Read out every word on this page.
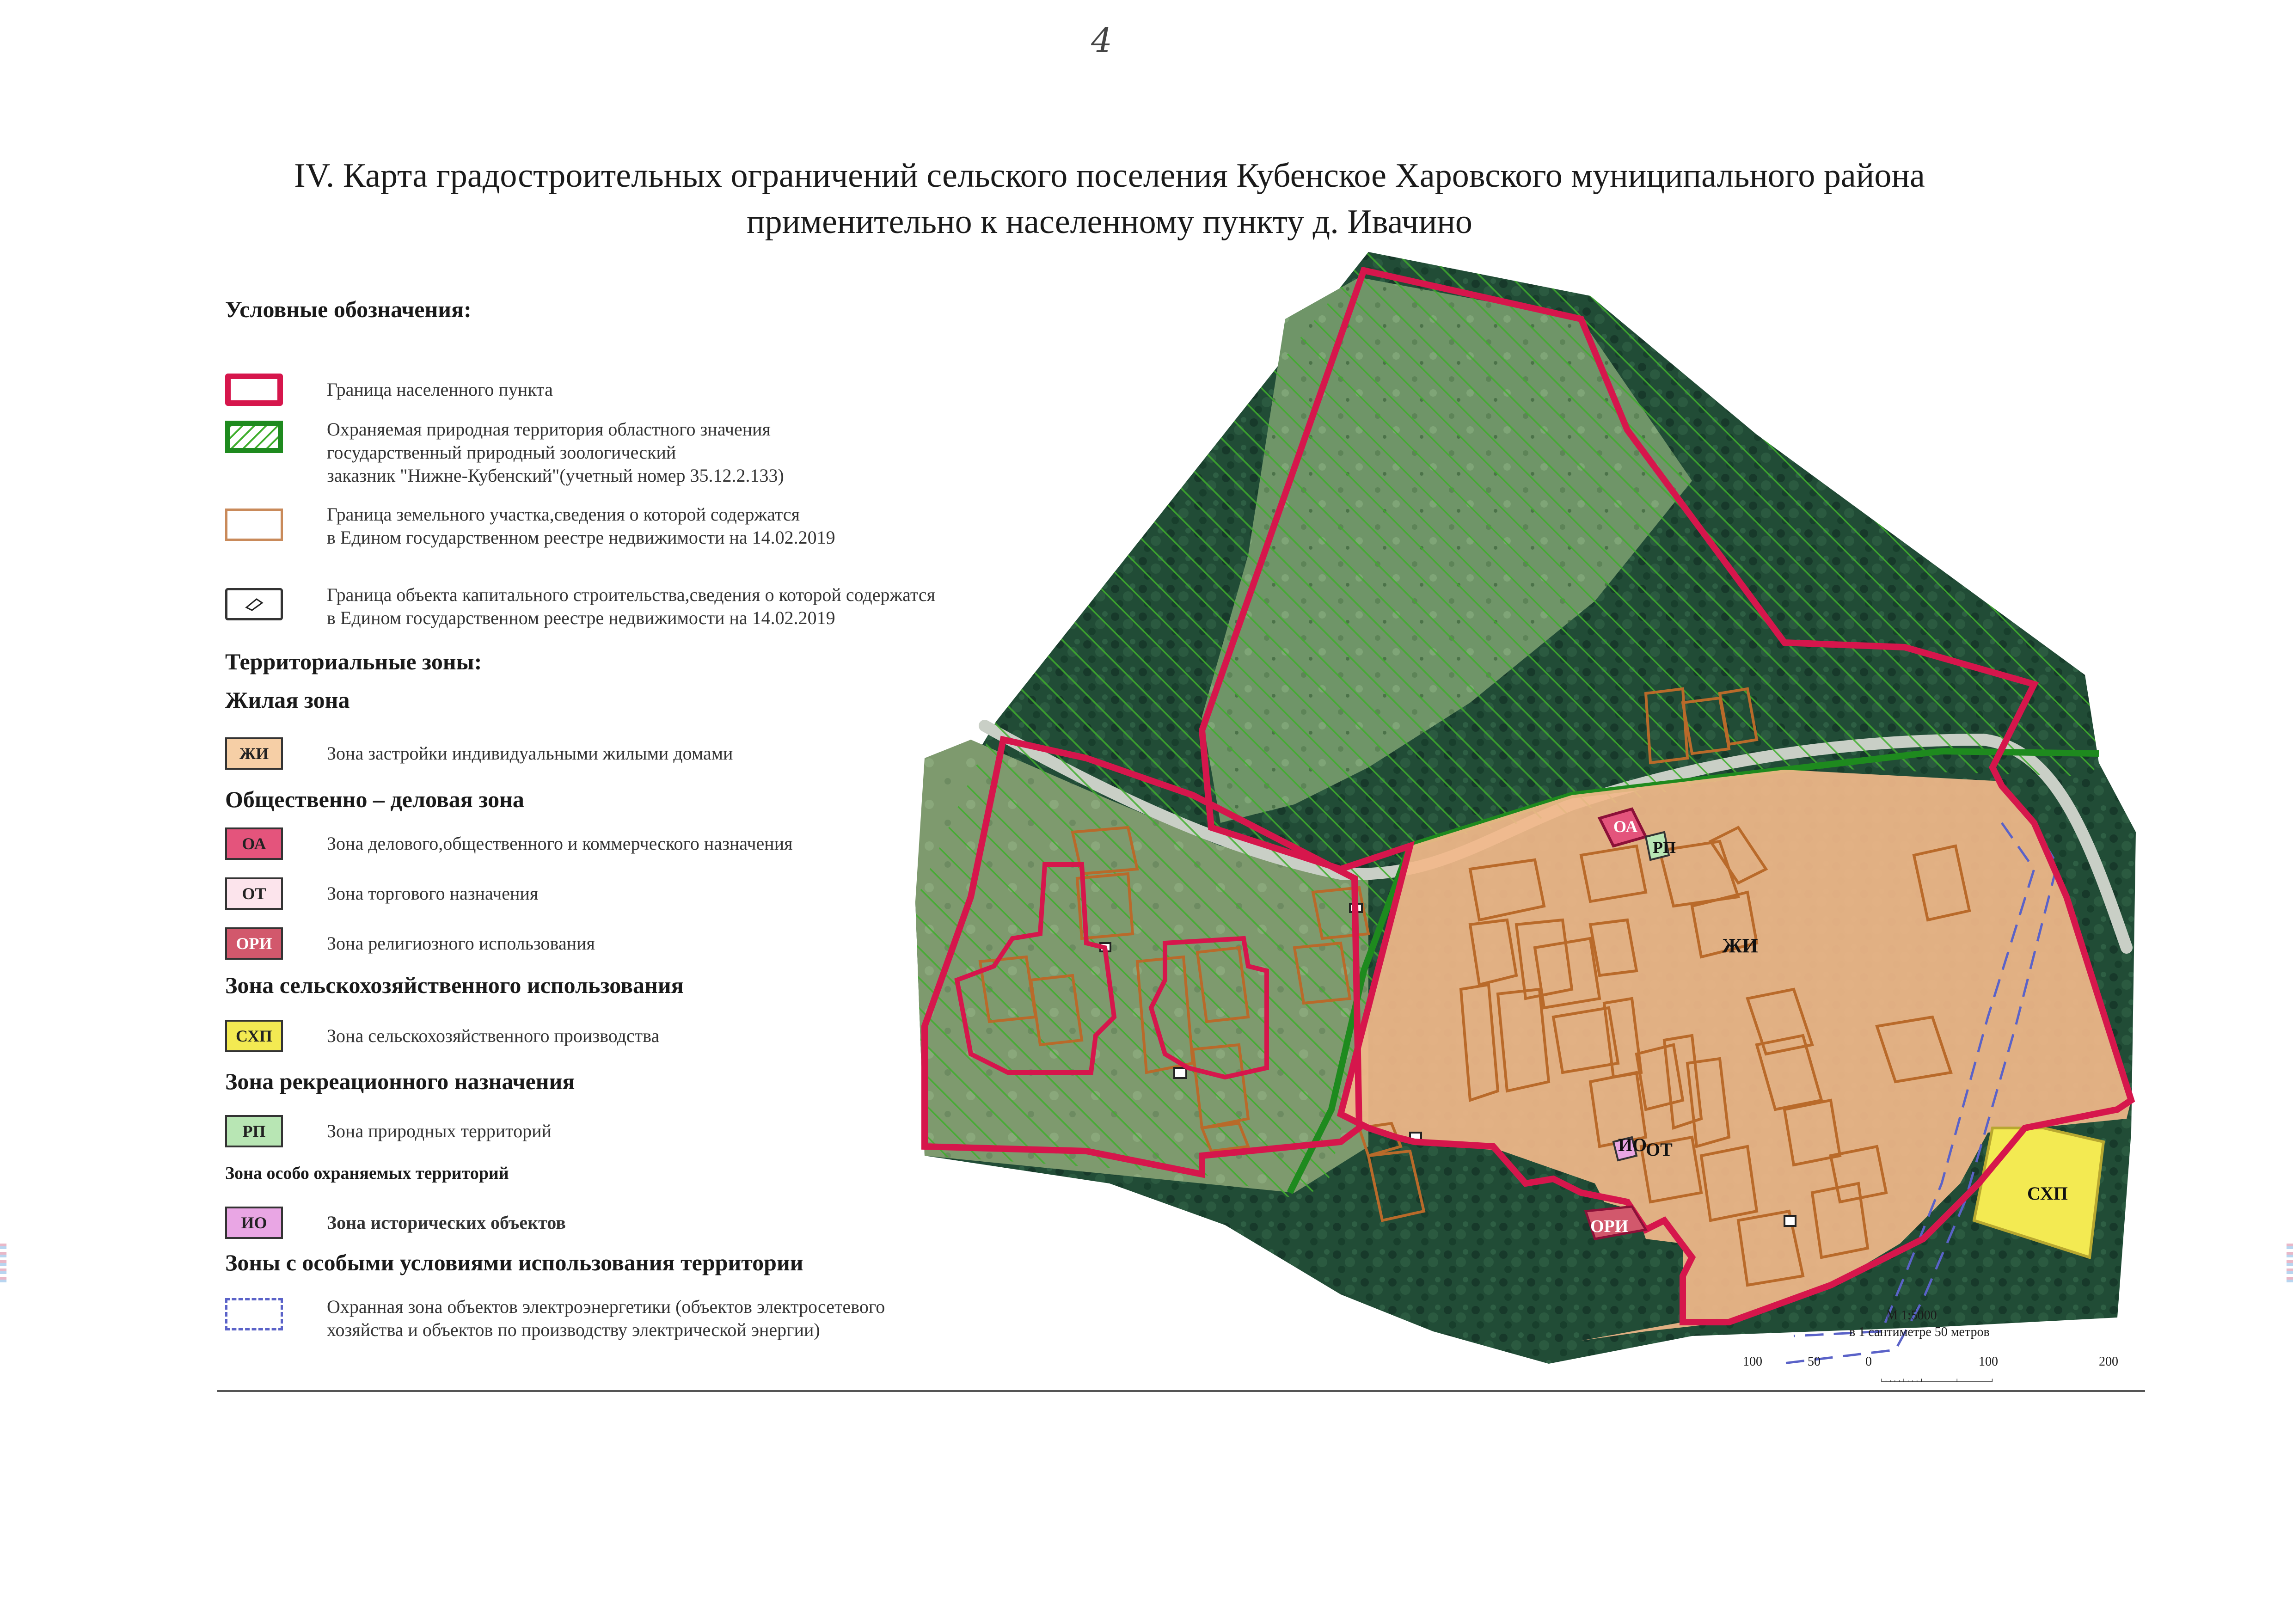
4
IV. Карта градостроительных ограничений сельского поселения Кубенское Харовского муниципального района
применительно к населенному пункту д. Ивачино
ЖИ
ОА
РП
ИО
ОТ
ОРИ
СХП
Условные обозначения:
Граница населенного пункта
Охраняемая природная территория областного значения
государственный природный зоологический
заказник "Нижне-Кубенский"(учетный номер 35.12.2.133)
Граница земельного участка,сведения о которой содержатся
в Едином государственном реестре недвижимости на 14.02.2019
Граница объекта капитального строительства,сведения о которой содержатся
в Едином государственном реестре недвижимости на 14.02.2019
Территориальные зоны:
Жилая зона
ЖИ	Зона застройки индивидуальными жилыми домами
Общественно – деловая зона
ОА	Зона делового,общественного и коммерческого назначения
ОТ	Зона торгового назначения
ОРИ	Зона религиозного использования
Зона сельскохозяйственного использования
СХП	Зона сельскохозяйственного производства
Зона рекреационного назначения
РП	Зона природных территорий
Зона особо охраняемых территорий
ИО	Зона исторических объектов
Зоны с особыми условиями использования территории
Охранная зона объектов электроэнергетики (объектов электросетевого
хозяйства и объектов по производству электрической энергии)
М 1:5000
в 1 сантиметре 50 метров
100	50	0	100	200
